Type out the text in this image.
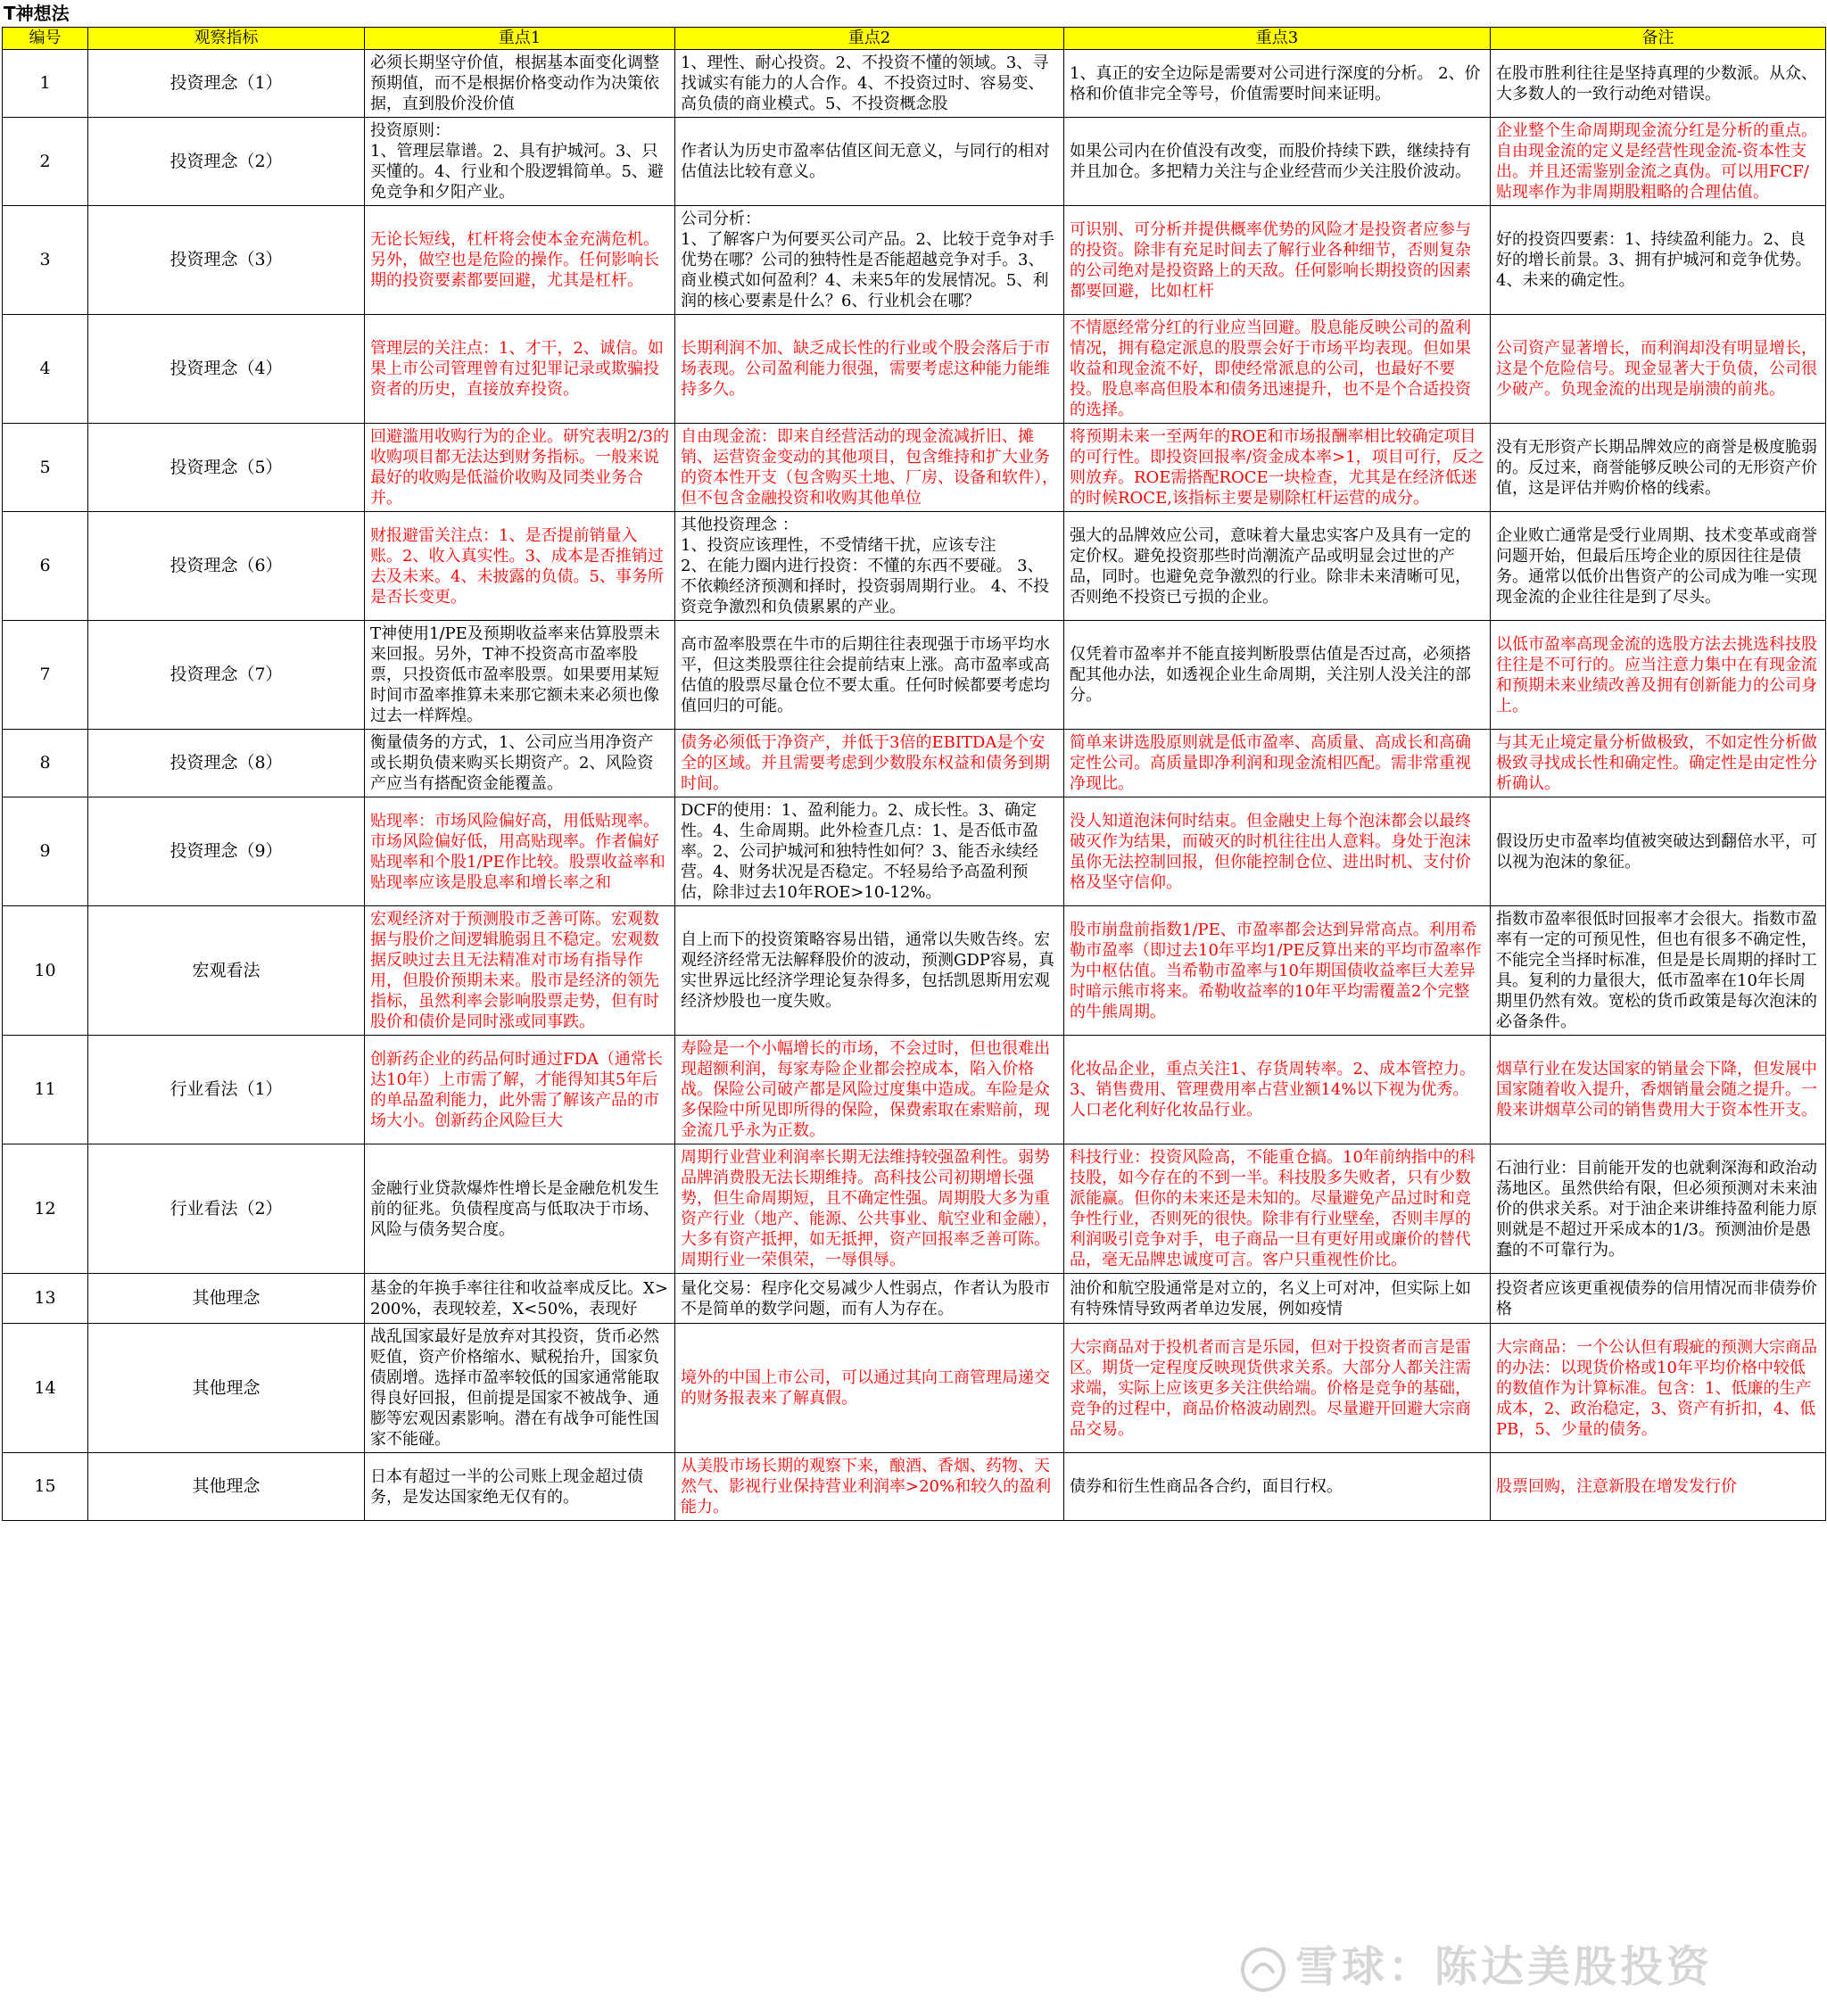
T神想法
编号	观察指标	重点1	重点2	重点3	备注
1	投资理念（1）	必须长期坚守价值，根据基本面变化调整预期值，而不是根据价格变动作为决策依据，直到股价没价值	1、理性、耐心投资。2、不投资不懂的领域。3、寻找诚实有能力的人合作。4、不投资过时、容易变、高负债的商业模式。5、不投资概念股	1、真正的安全边际是需要对公司进行深度的分析。 2、价格和价值非完全等号，价值需要时间来证明。	在股市胜利往往是坚持真理的少数派。从众、大多数人的一致行动绝对错误。
2	投资理念（2）	投资原则：
1、管理层靠谱。2、具有护城河。3、只买懂的。4、行业和个股逻辑简单。5、避免竞争和夕阳产业。	作者认为历史市盈率估值区间无意义，与同行的相对估值法比较有意义。	如果公司内在价值没有改变，而股价持续下跌，继续持有并且加仓。多把精力关注与企业经营而少关注股价波动。	企业整个生命周期现金流分红是分析的重点。自由现金流的定义是经营性现金流-资本性支出。并且还需鉴别金流之真伪。可以用FCF/贴现率作为非周期股粗略的合理估值。
3	投资理念（3）	无论长短线，杠杆将会使本金充满危机。另外，做空也是危险的操作。任何影响长期的投资要素都要回避，尤其是杠杆。	公司分析：
1、了解客户为何要买公司产品。2、比较于竞争对手优势在哪？公司的独特性是否能超越竞争对手。3、商业模式如何盈利？4、未来5年的发展情况。5、利润的核心要素是什么？6、行业机会在哪？	可识别、可分析并提供概率优势的风险才是投资者应参与的投资。除非有充足时间去了解行业各种细节，否则复杂的公司绝对是投资路上的天敌。任何影响长期投资的因素都要回避，比如杠杆	好的投资四要素：1、持续盈利能力。2、良好的增长前景。3、拥有护城河和竞争优势。4、未来的确定性。
4	投资理念（4）	管理层的关注点：1、才干，2、诚信。如果上市公司管理曾有过犯罪记录或欺骗投资者的历史，直接放弃投资。	长期利润不加、缺乏成长性的行业或个股会落后于市场表现。公司盈利能力很强，需要考虑这种能力能维持多久。	不情愿经常分红的行业应当回避。股息能反映公司的盈利情况，拥有稳定派息的股票会好于市场平均表现。但如果收益和现金流不好，即使经常派息的公司，也最好不要投。股息率高但股本和债务迅速提升，也不是个合适投资的选择。	公司资产显著增长，而利润却没有明显增长，这是个危险信号。现金显著大于负债，公司很少破产。负现金流的出现是崩溃的前兆。
5	投资理念（5）	回避滥用收购行为的企业。研究表明2/3的收购项目都无法达到财务指标。一般来说最好的收购是低溢价收购及同类业务合并。	自由现金流：即来自经营活动的现金流减折旧、摊销、运营资金变动的其他项目，包含维持和扩大业务的资本性开支（包含购买土地、厂房、设备和软件），但不包含金融投资和收购其他单位	将预期未来一至两年的ROE和市场报酬率相比较确定项目的可行性。即投资回报率/资金成本率>1，项目可行，反之则放弃。ROE需搭配ROCE一块检查，尤其是在经济低迷的时候ROCE,该指标主要是剔除杠杆运营的成分。	没有无形资产长期品牌效应的商誉是极度脆弱的。反过来，商誉能够反映公司的无形资产价值，这是评估并购价格的线索。
6	投资理念（6）	财报避雷关注点：1、是否提前销量入账。2、收入真实性。3、成本是否推销过去及未来。4、未披露的负债。5、事务所是否长变更。	其他投资理念 ：
1、投资应该理性，不受情绪干扰，应该专注         2、在能力圈内进行投资：不懂的东西不要碰。 3、不依赖经济预测和择时，投资弱周期行业。 4、不投资竞争激烈和负债累累的产业。	强大的品牌效应公司，意味着大量忠实客户及具有一定的定价权。避免投资那些时尚潮流产品或明显会过世的产品，同时。也避免竞争激烈的行业。除非未来清晰可见，否则绝不投资已亏损的企业。	企业败亡通常是受行业周期、技术变革或商誉问题开始，但最后压垮企业的原因往往是债务。通常以低价出售资产的公司成为唯一实现现金流的企业往往是到了尽头。
7	投资理念（7）	T神使用1/PE及预期收益率来估算股票未来回报。另外，T神不投资高市盈率股票，只投资低市盈率股票。如果要用某短时间市盈率推算未来那它额未来必须也像过去一样辉煌。	高市盈率股票在牛市的后期往往表现强于市场平均水平，但这类股票往往会提前结束上涨。高市盈率或高估值的股票尽量仓位不要太重。任何时候都要考虑均值回归的可能。	仅凭着市盈率并不能直接判断股票估值是否过高，必须搭配其他办法，如透视企业生命周期，关注别人没关注的部分。	以低市盈率高现金流的选股方法去挑选科技股往往是不可行的。应当注意力集中在有现金流和预期未来业绩改善及拥有创新能力的公司身上。
8	投资理念（8）	衡量债务的方式，1、公司应当用净资产或长期负债来购买长期资产。2、风险资产应当有搭配资金能覆盖。	债务必须低于净资产，并低于3倍的EBITDA是个安全的区域。并且需要考虑到少数股东权益和债务到期时间。	简单来讲选股原则就是低市盈率、高质量、高成长和高确定性公司。高质量即净利润和现金流相匹配。需非常重视净现比。	与其无止境定量分析做极致，不如定性分析做极致寻找成长性和确定性。确定性是由定性分析确认。
9	投资理念（9）	贴现率：市场风险偏好高，用低贴现率。市场风险偏好低，用高贴现率。作者偏好贴现率和个股1/PE作比较。股票收益率和贴现率应该是股息率和增长率之和	DCF的使用：1、盈利能力。2、成长性。3、确定性。4、生命周期。此外检查几点：1、是否低市盈率。2、公司护城河和独特性如何？3、能否永续经营。4、财务状况是否稳定。不轻易给予高盈利预估，除非过去10年ROE>10-12%。	没人知道泡沫何时结束。但金融史上每个泡沫都会以最终破灭作为结果，而破灭的时机往往出人意料。身处于泡沫虽你无法控制回报，但你能控制仓位、进出时机、支付价格及坚守信仰。	假设历史市盈率均值被突破达到翻倍水平，可以视为泡沫的象征。
10	宏观看法	宏观经济对于预测股市乏善可陈。宏观数据与股价之间逻辑脆弱且不稳定。宏观数据反映过去且无法精准对市场有指导作用，但股价预期未来。股市是经济的领先指标，虽然利率会影响股票走势，但有时股价和债价是同时涨或同事跌。	自上而下的投资策略容易出错，通常以失败告终。宏观经济经常无法解释股价的波动，预测GDP容易，真实世界远比经济学理论复杂得多，包括凯恩斯用宏观经济炒股也一度失败。	股市崩盘前指数1/PE、市盈率都会达到异常高点。利用希勒市盈率（即过去10年平均1/PE反算出来的平均市盈率作为中枢估值。当希勒市盈率与10年期国债收益率巨大差异时暗示熊市将来。希勒收益率的10年平均需覆盖2个完整的牛熊周期。	指数市盈率很低时回报率才会很大。指数市盈率有一定的可预见性，但也有很多不确定性，不能完全当择时标准，但是是长周期的择时工具。复利的力量很大，低市盈率在10年长周期里仍然有效。宽松的货币政策是每次泡沫的必备条件。
11	行业看法（1）	创新药企业的药品何时通过FDA（通常长达10年）上市需了解，才能得知其5年后的单品盈利能力，此外需了解该产品的市场大小。创新药企风险巨大	寿险是一个小幅增长的市场，不会过时，但也很难出现超额利润，每家寿险企业都会控成本，陷入价格战。保险公司破产都是风险过度集中造成。车险是众多保险中所见即所得的保险，保费索取在索赔前，现金流几乎永为正数。	化妆品企业，重点关注1、存货周转率。2、成本管控力。3、销售费用、管理费用率占营业额14%以下视为优秀。人口老化利好化妆品行业。	烟草行业在发达国家的销量会下降，但发展中国家随着收入提升，香烟销量会随之提升。一般来讲烟草公司的销售费用大于资本性开支。
12	行业看法（2）	金融行业贷款爆炸性增长是金融危机发生前的征兆。负债程度高与低取决于市场、风险与债务契合度。	周期行业营业利润率长期无法维持较强盈利性。弱势品牌消费股无法长期维持。高科技公司初期增长强势，但生命周期短，且不确定性强。周期股大多为重资产行业（地产、能源、公共事业、航空业和金融），大多有资产抵押，如无抵押，资产回报率乏善可陈。周期行业一荣俱荣，一辱俱辱。	科技行业：投资风险高，不能重仓搞。10年前纳指中的科技股，如今存在的不到一半。科技股多失败者，只有少数派能赢。但你的未来还是未知的。尽量避免产品过时和竞争性行业，否则死的很快。除非有行业壁垒，否则丰厚的利润吸引竞争对手，电子商品一旦有更好用或廉价的替代品，毫无品牌忠诚度可言。客户只重视性价比。	石油行业：目前能开发的也就剩深海和政治动荡地区。虽然供给有限，但必须预测对未来油价的供求关系。对于油企来讲维持盈利能力原则就是不超过开采成本的1/3。预测油价是愚蠢的不可靠行为。
13	其他理念	基金的年换手率往往和收益率成反比。X>200%，表现较差，X<50%，表现好	量化交易：程序化交易减少人性弱点，作者认为股市不是简单的数学问题，而有人为存在。	油价和航空股通常是对立的，名义上可对冲，但实际上如有特殊情导致两者单边发展，例如疫情	投资者应该更重视债券的信用情况而非债券价格
14	其他理念	战乱国家最好是放弃对其投资，货币必然贬值，资产价格缩水、赋税抬升，国家负债剧增。选择市盈率较低的国家通常能取得良好回报，但前提是国家不被战争、通膨等宏观因素影响。潜在有战争可能性国家不能碰。	境外的中国上市公司，可以通过其向工商管理局递交的财务报表来了解真假。	大宗商品对于投机者而言是乐园，但对于投资者而言是雷区。期货一定程度反映现货供求关系。大部分人都关注需求端，实际上应该更多关注供给端。价格是竞争的基础，竞争的过程中，商品价格波动剧烈。尽量避开回避大宗商品交易。	大宗商品：一个公认但有瑕疵的预测大宗商品的办法：以现货价格或10年平均价格中较低的数值作为计算标准。包含：1、低廉的生产成本，2、政治稳定，3、资产有折扣，4、低PB，5、少量的债务。
15	其他理念	日本有超过一半的公司账上现金超过债务，是发达国家绝无仅有的。	从美股市场长期的观察下来，酿酒、香烟、药物、天然气、影视行业保持营业利润率>20%和较久的盈利能力。	债券和衍生性商品各合约，面目行权。	股票回购，注意新股在增发发行价
雪球：陈达美股投资
